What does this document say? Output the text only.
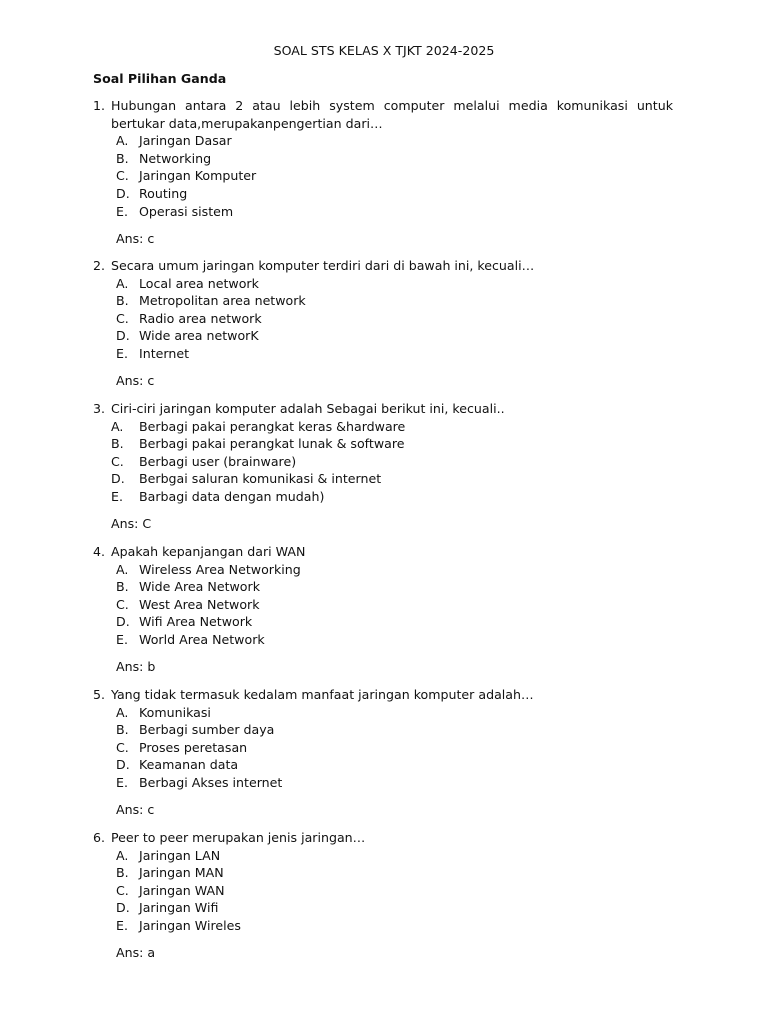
SOAL STS KELAS X TJKT 2024-2025
Soal Pilihan Ganda
1. Hubungan antara 2 atau lebih system computer melalui media komunikasi untuk bertukar data,merupakanpengertian dari…
A. Jaringan Dasar
B. Networking
C. Jaringan Komputer
D. Routing
E. Operasi sistem
Ans: c
2. Secara umum jaringan komputer terdiri dari di bawah ini, kecuali…
A. Local area network
B. Metropolitan area network
C. Radio area network
D. Wide area networK
E. Internet
Ans: c
3. Ciri-ciri jaringan komputer adalah Sebagai berikut ini, kecuali..
A. Berbagi pakai perangkat keras &hardware
B. Berbagi pakai perangkat lunak & software
C. Berbagi user (brainware)
D. Berbgai saluran komunikasi & internet
E. Barbagi data dengan mudah)
Ans: C
4. Apakah kepanjangan dari WAN
A. Wireless Area Networking
B. Wide Area Network
C. West Area Network
D. Wifi Area Network
E. World Area Network
Ans: b
5. Yang tidak termasuk kedalam manfaat jaringan komputer adalah…
A. Komunikasi
B. Berbagi sumber daya
C. Proses peretasan
D. Keamanan data
E. Berbagi Akses internet
Ans: c
6. Peer to peer merupakan jenis jaringan…
A. Jaringan LAN
B. Jaringan MAN
C. Jaringan WAN
D. Jaringan Wifi
E. Jaringan Wireles
Ans: a
